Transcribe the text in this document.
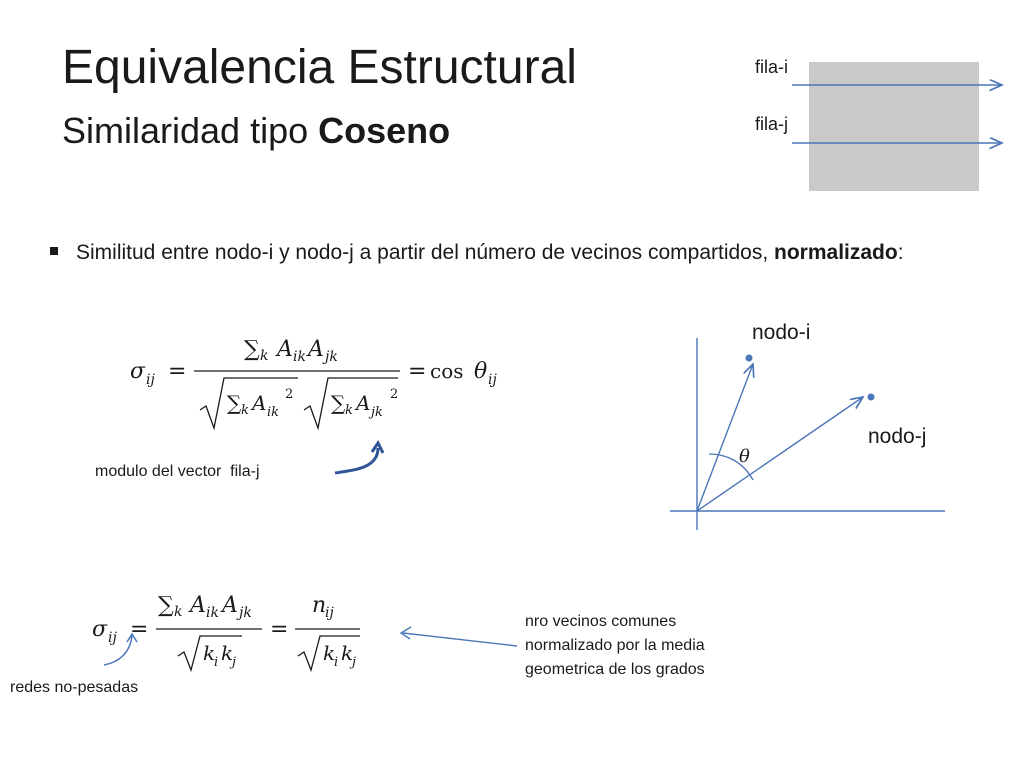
Equivalencia Estructural
Similaridad tipo Coseno
fila-i
fila-j
Similitud entre nodo-i y nodo-j a partir del número de vecinos compartidos, normalizado:
σ ij =
∑ k A ik A jk
∑ k A ik
2 ∑ k A jk
2
= cos θ ij
modulo del vector  fila-j
θ
nodo-i
nodo-j
σ ij =
∑ k A ik A jk
k
i k
j
=
n
ij
k
i k
j
redes no-pesadas
nro vecinos comunes
normalizado por la media
geometrica de los grados
